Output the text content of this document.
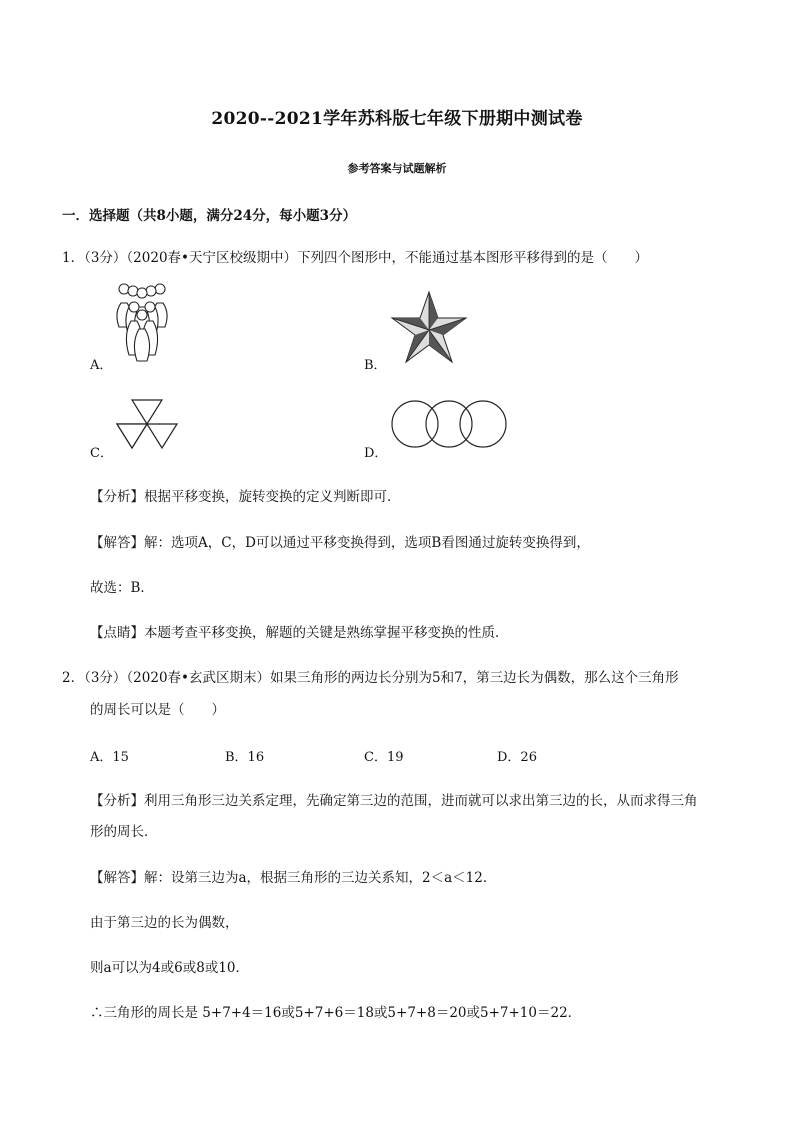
2020--2021学年苏科版七年级下册期中测试卷
参考答案与试题解析
一．选择题（共8小题，满分24分，每小题3分）
1．（3分）（2020春•天宁区校级期中）下列四个图形中，不能通过基本图形平移得到的是（　　）
A．	B．
C．	D．
【分析】根据平移变换，旋转变换的定义判断即可．
【解答】解：选项A，C，D可以通过平移变换得到，选项B看图通过旋转变换得到，
故选：B．
【点睛】本题考查平移变换，解题的关键是熟练掌握平移变换的性质．
2．（3分）（2020春•玄武区期末）如果三角形的两边长分别为5和7，第三边长为偶数，那么这个三角形
的周长可以是（　　）
A．15	B．16	C．19	D．26
【分析】利用三角形三边关系定理，先确定第三边的范围，进而就可以求出第三边的长，从而求得三角
形的周长．
【解答】解：设第三边为a，根据三角形的三边关系知，2＜a＜12．
由于第三边的长为偶数，
则a可以为4或6或8或10．
∴三角形的周长是 5+7+4＝16或5+7+6＝18或5+7+8＝20或5+7+10＝22．
